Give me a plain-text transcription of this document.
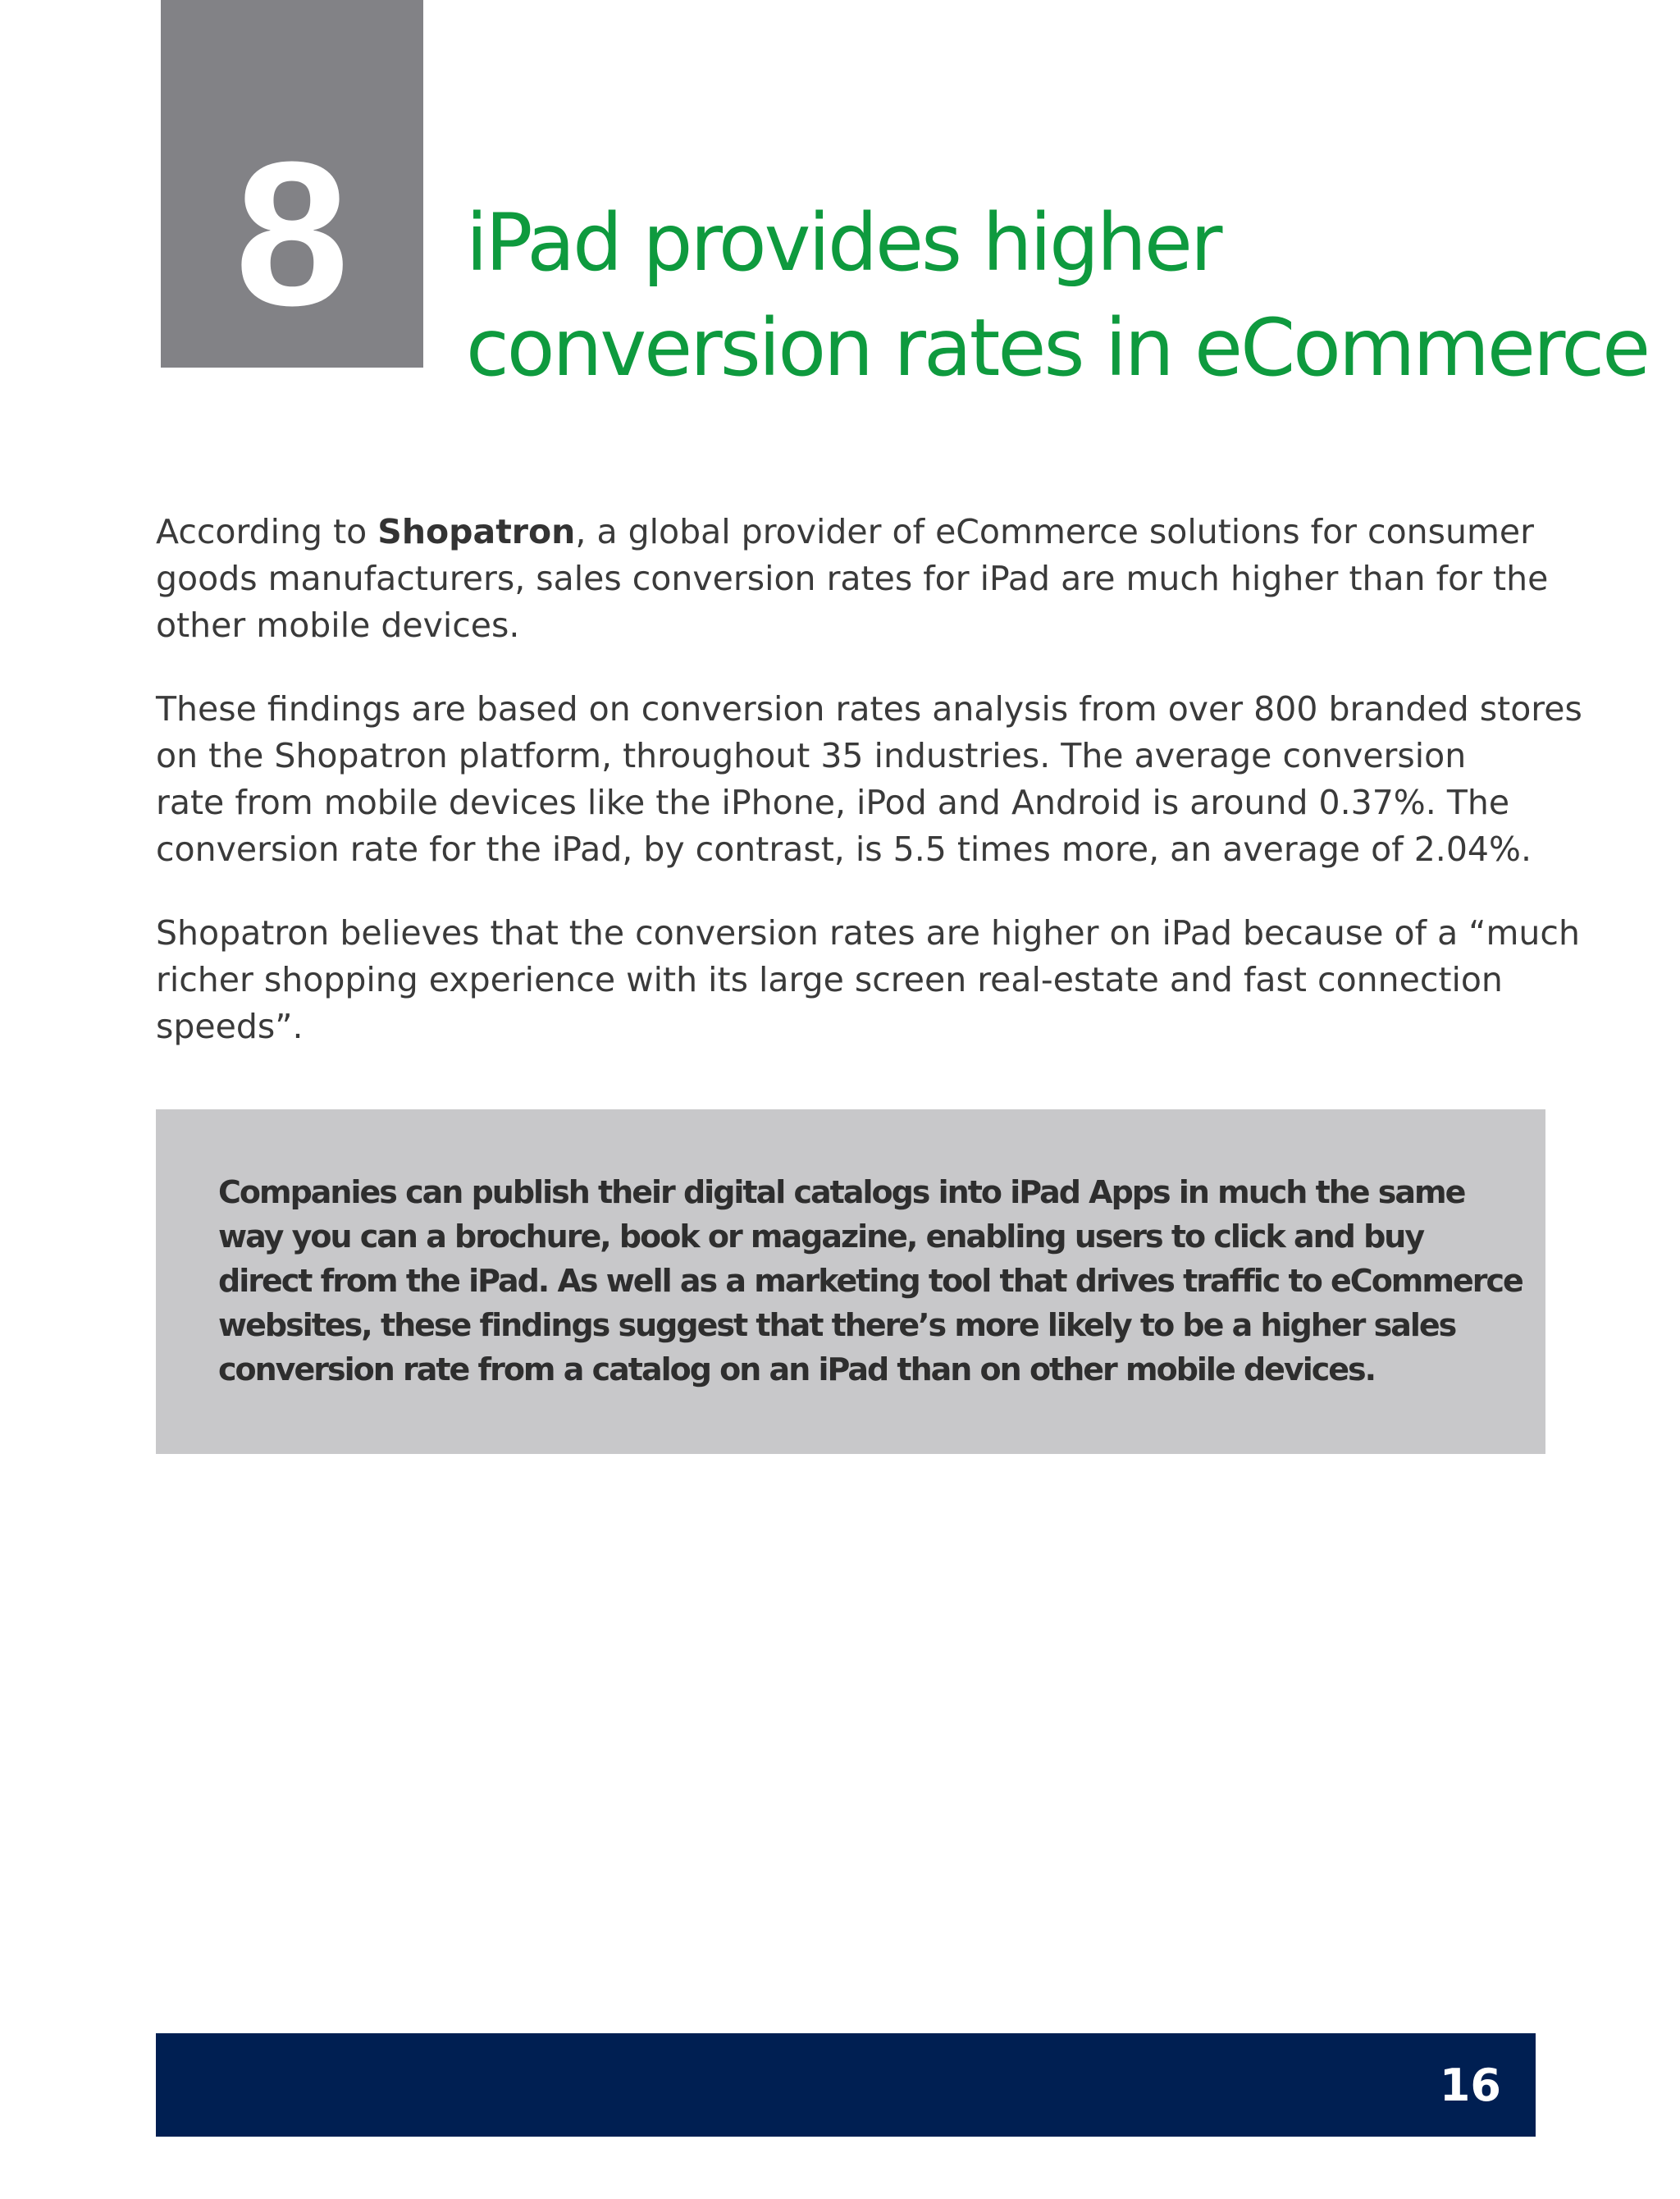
8	iPad provides higher
conversion rates in eCommerce

According to Shopatron, a global provider of eCommerce solutions for consumer
goods manufacturers, sales conversion rates for iPad are much higher than for the
other mobile devices.

These findings are based on conversion rates analysis from over 800 branded stores
on the Shopatron platform, throughout 35 industries. The average conversion
rate from mobile devices like the iPhone, iPod and Android is around 0.37%. The
conversion rate for the iPad, by contrast, is 5.5 times more, an average of 2.04%.

Shopatron believes that the conversion rates are higher on iPad because of a “much
richer shopping experience with its large screen real-estate and fast connection
speeds”.

Companies can publish their digital catalogs into iPad Apps in much the same
way you can a brochure, book or magazine, enabling users to click and buy
direct from the iPad. As well as a marketing tool that drives traffic to eCommerce
websites, these findings suggest that there’s more likely to be a higher sales
conversion rate from a catalog on an iPad than on other mobile devices.
16
